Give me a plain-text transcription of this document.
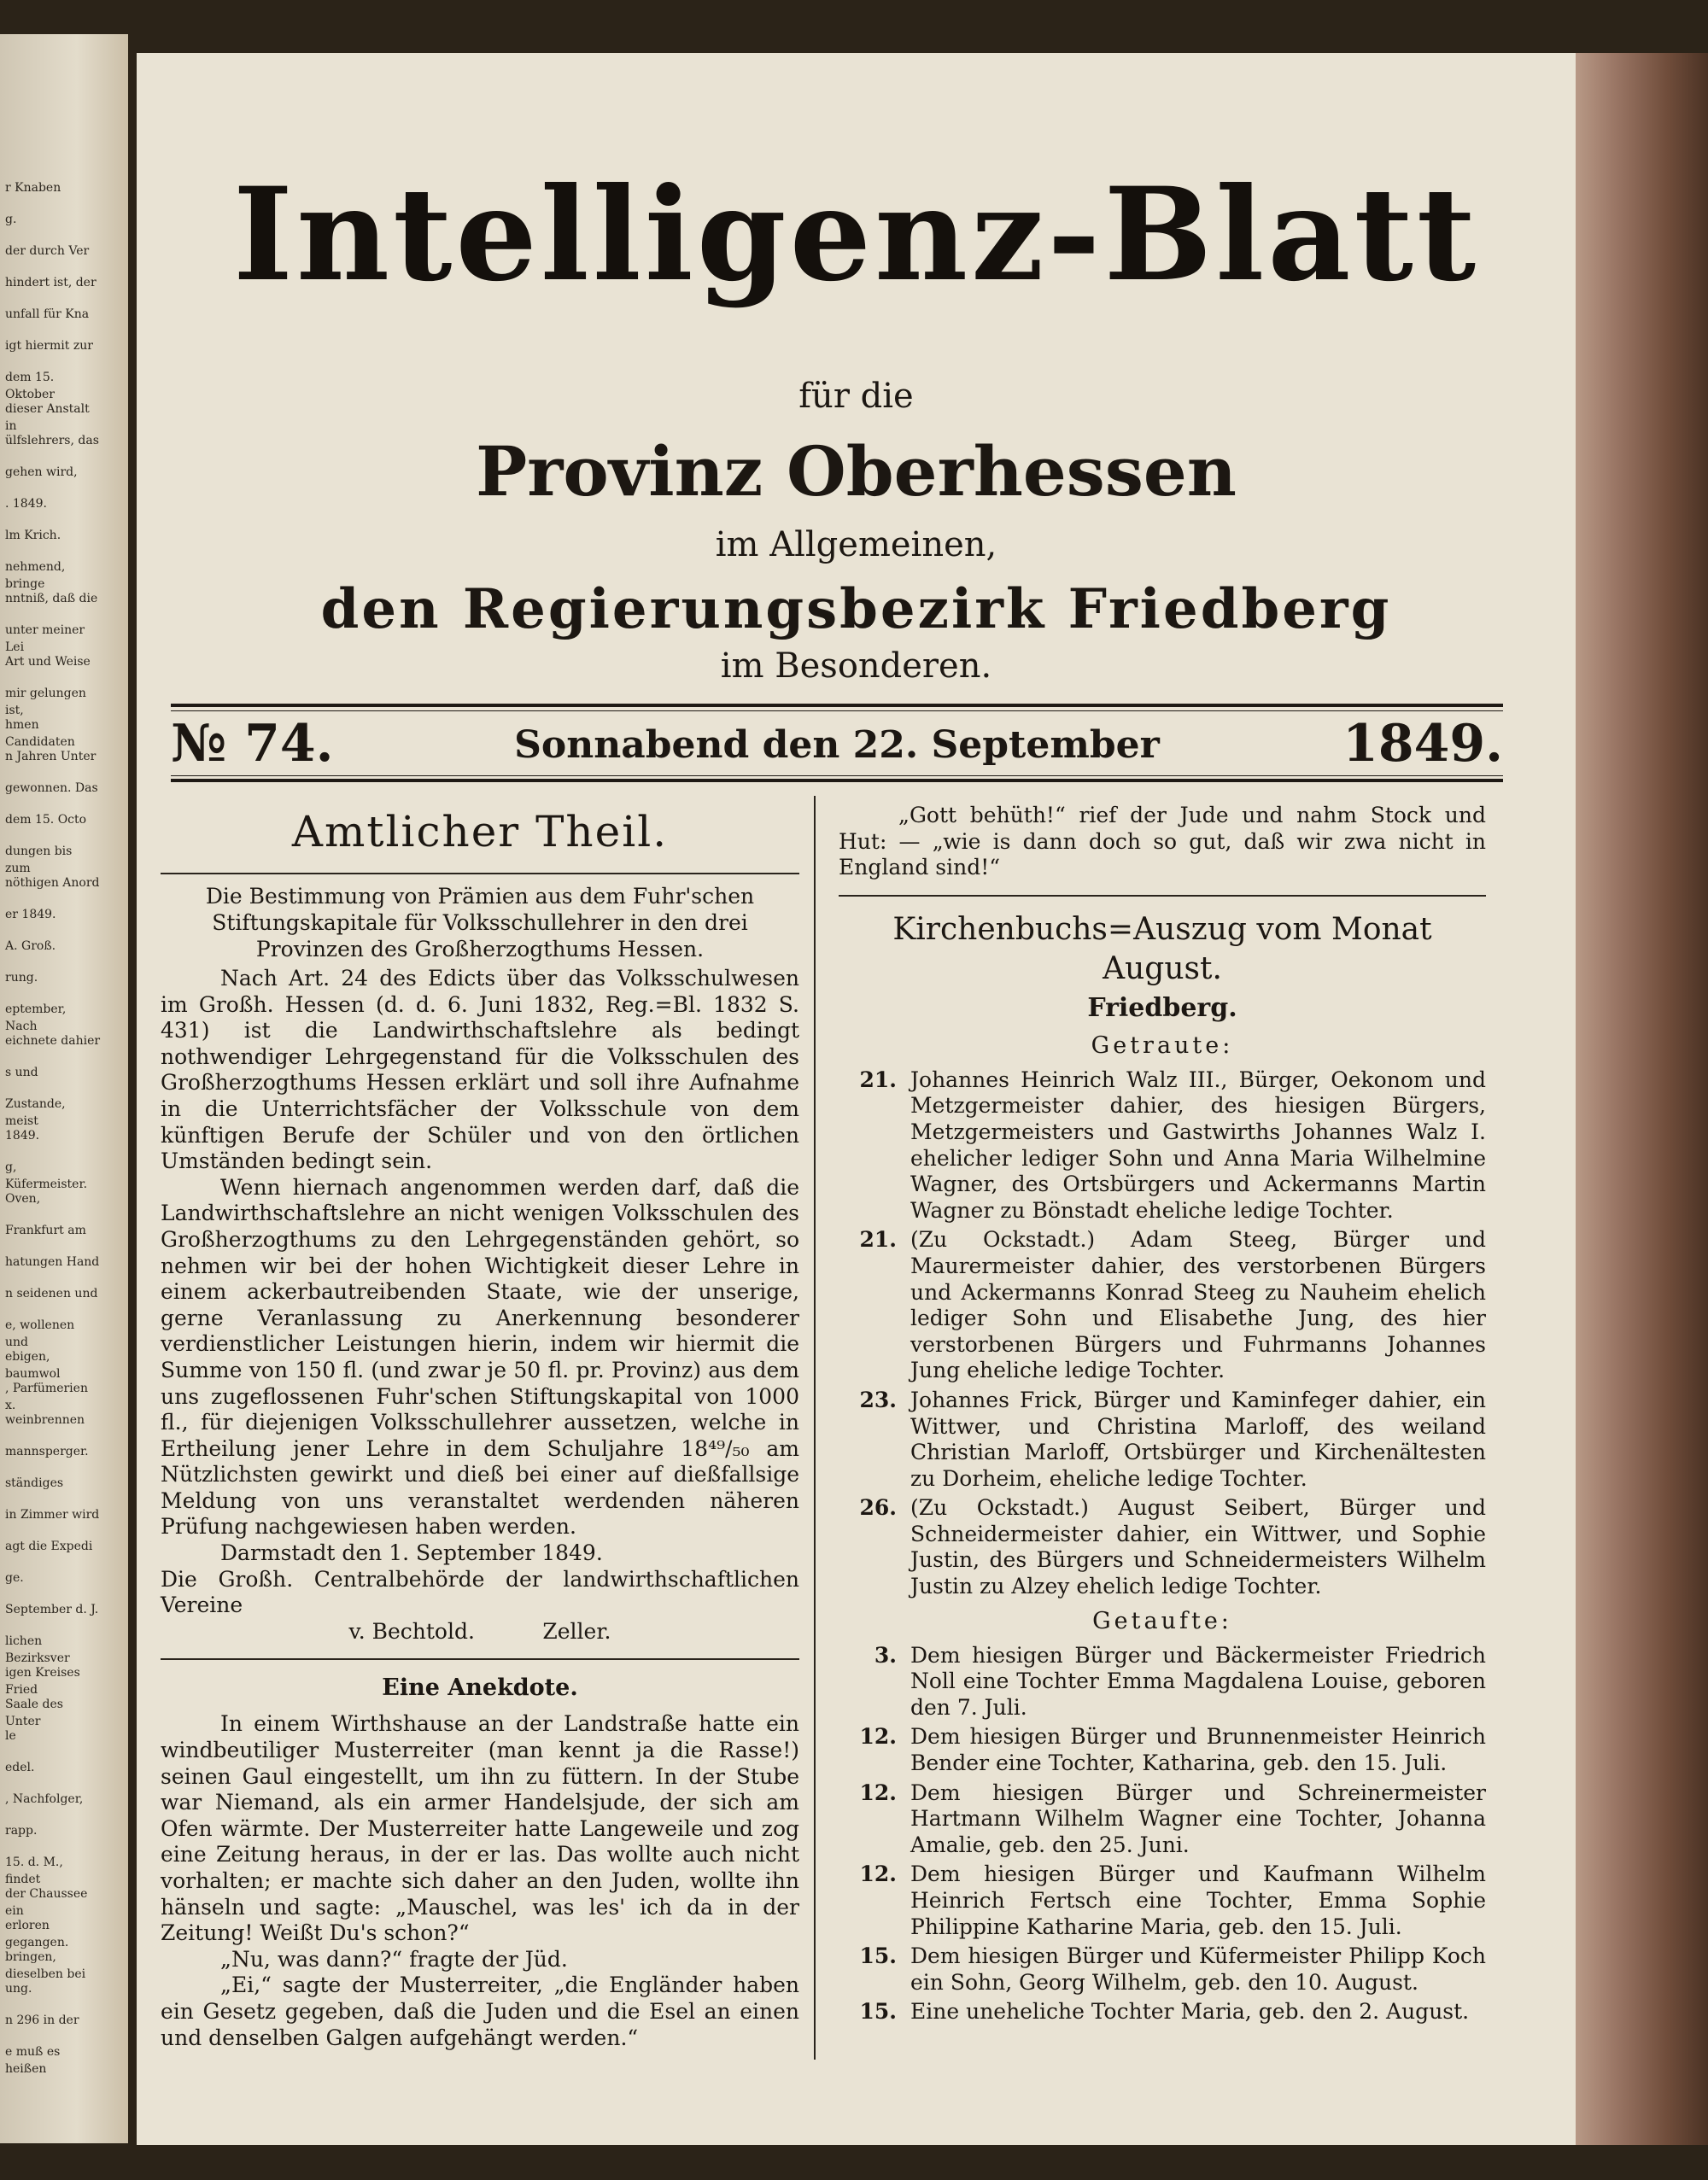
r Knaben
g.
der durch Ver
hindert ist, der
unfall für Kna
igt hiermit zur
dem 15. Oktober
dieser Anstalt in
ülfslehrers, das
gehen wird,
. 1849.
lm Krich.
nehmend, bringe
nntniß, daß die
unter meiner Lei
Art und Weise
mir gelungen ist,
hmen Candidaten
n Jahren Unter
gewonnen. Das
dem 15. Octo
dungen bis zum
nöthigen Anord
er 1849.
A. Groß.
rung.
eptember, Nach
eichnete dahier
s und
Zustande, meist
1849.
g, Küfermeister.
Oven,
Frankfurt am
hatungen Hand
n seidenen und
e, wollenen und
ebigen, baumwol
, Parfümerien x.
weinbrennen
mannsperger.
ständiges
in Zimmer wird
agt die Expedi
ge.
September d. J.
lichen Bezirksver
igen Kreises Fried
Saale des Unter
le
edel.
, Nachfolger,
rapp.
15. d. M., findet
der Chaussee ein
erloren gegangen.
bringen, dieselben bei
ung.
n 296 in der
e muß es heißen
Intelligenz-Blatt
für die
Provinz Oberhessen
im Allgemeinen,
den Regierungsbezirk Friedberg
im Besonderen.
№ 74.	Sonnabend den 22. September	1849.
Amtlicher Theil.

Die Bestimmung von Prämien aus dem Fuhr'schen Stiftungskapitale für Volksschullehrer in den drei Provinzen des Großherzogthums Hessen.

Nach Art. 24 des Edicts über das Volksschulwesen im Großh. Hessen (d. d. 6. Juni 1832, Reg.=Bl. 1832 S. 431) ist die Landwirthschaftslehre als bedingt nothwendiger Lehrgegenstand für die Volksschulen des Großherzogthums Hessen erklärt und soll ihre Aufnahme in die Unterrichtsfächer der Volksschule von dem künftigen Berufe der Schüler und von den örtlichen Umständen bedingt sein.

Wenn hiernach angenommen werden darf, daß die Landwirthschaftslehre an nicht wenigen Volksschulen des Großherzogthums zu den Lehrgegenständen gehört, so nehmen wir bei der hohen Wichtigkeit dieser Lehre in einem ackerbautreibenden Staate, wie der unserige, gerne Veranlassung zu Anerkennung besonderer verdienstlicher Leistungen hierin, indem wir hiermit die Summe von 150 fl. (und zwar je 50 fl. pr. Provinz) aus dem uns zugeflossenen Fuhr'schen Stiftungskapital von 1000 fl., für diejenigen Volksschullehrer aussetzen, welche in Ertheilung jener Lehre in dem Schuljahre 18⁴⁹/₅₀ am Nützlichsten gewirkt und dieß bei einer auf dießfallsige Meldung von uns veranstaltet werdenden näheren Prüfung nachgewiesen haben werden.

Darmstadt den 1. September 1849.

Die Großh. Centralbehörde der landwirthschaftlichen Vereine

v. Bechtold.          Zeller.

Eine Anekdote.

In einem Wirthshause an der Landstraße hatte ein windbeutiliger Musterreiter (man kennt ja die Rasse!) seinen Gaul eingestellt, um ihn zu füttern. In der Stube war Niemand, als ein armer Handelsjude, der sich am Ofen wärmte. Der Musterreiter hatte Langeweile und zog eine Zeitung heraus, in der er las. Das wollte auch nicht vorhalten; er machte sich daher an den Juden, wollte ihn hänseln und sagte: „Mauschel, was les' ich da in der Zeitung! Weißt Du's schon?“

„Nu, was dann?“ fragte der Jüd.

„Ei,“ sagte der Musterreiter, „die Engländer haben ein Gesetz gegeben, daß die Juden und die Esel an einen und denselben Galgen aufgehängt werden.“

„Gott behüth!“ rief der Jude und nahm Stock und Hut: — „wie is dann doch so gut, daß wir zwa nicht in England sind!“

Kirchenbuchs=Auszug vom Monat August.
Friedberg.
Getraute:
21. Johannes Heinrich Walz III., Bürger, Oekonom und Metzgermeister dahier, des hiesigen Bürgers, Metzgermeisters und Gastwirths Johannes Walz I. ehelicher lediger Sohn und Anna Maria Wilhelmine Wagner, des Ortsbürgers und Ackermanns Martin Wagner zu Bönstadt eheliche ledige Tochter.
21. (Zu Ockstadt.) Adam Steeg, Bürger und Maurermeister dahier, des verstorbenen Bürgers und Ackermanns Konrad Steeg zu Nauheim ehelich lediger Sohn und Elisabethe Jung, des hier verstorbenen Bürgers und Fuhrmanns Johannes Jung eheliche ledige Tochter.
23. Johannes Frick, Bürger und Kaminfeger dahier, ein Wittwer, und Christina Marloff, des weiland Christian Marloff, Ortsbürger und Kirchenältesten zu Dorheim, eheliche ledige Tochter.
26. (Zu Ockstadt.) August Seibert, Bürger und Schneidermeister dahier, ein Wittwer, und Sophie Justin, des Bürgers und Schneidermeisters Wilhelm Justin zu Alzey ehelich ledige Tochter.
Getaufte:
3. Dem hiesigen Bürger und Bäckermeister Friedrich Noll eine Tochter Emma Magdalena Louise, geboren den 7. Juli.
12. Dem hiesigen Bürger und Brunnenmeister Heinrich Bender eine Tochter, Katharina, geb. den 15. Juli.
12. Dem hiesigen Bürger und Schreinermeister Hartmann Wilhelm Wagner eine Tochter, Johanna Amalie, geb. den 25. Juni.
12. Dem hiesigen Bürger und Kaufmann Wilhelm Heinrich Fertsch eine Tochter, Emma Sophie Philippine Katharine Maria, geb. den 15. Juli.
15. Dem hiesigen Bürger und Küfermeister Philipp Koch ein Sohn, Georg Wilhelm, geb. den 10. August.
15. Eine uneheliche Tochter Maria, geb. den 2. August.
